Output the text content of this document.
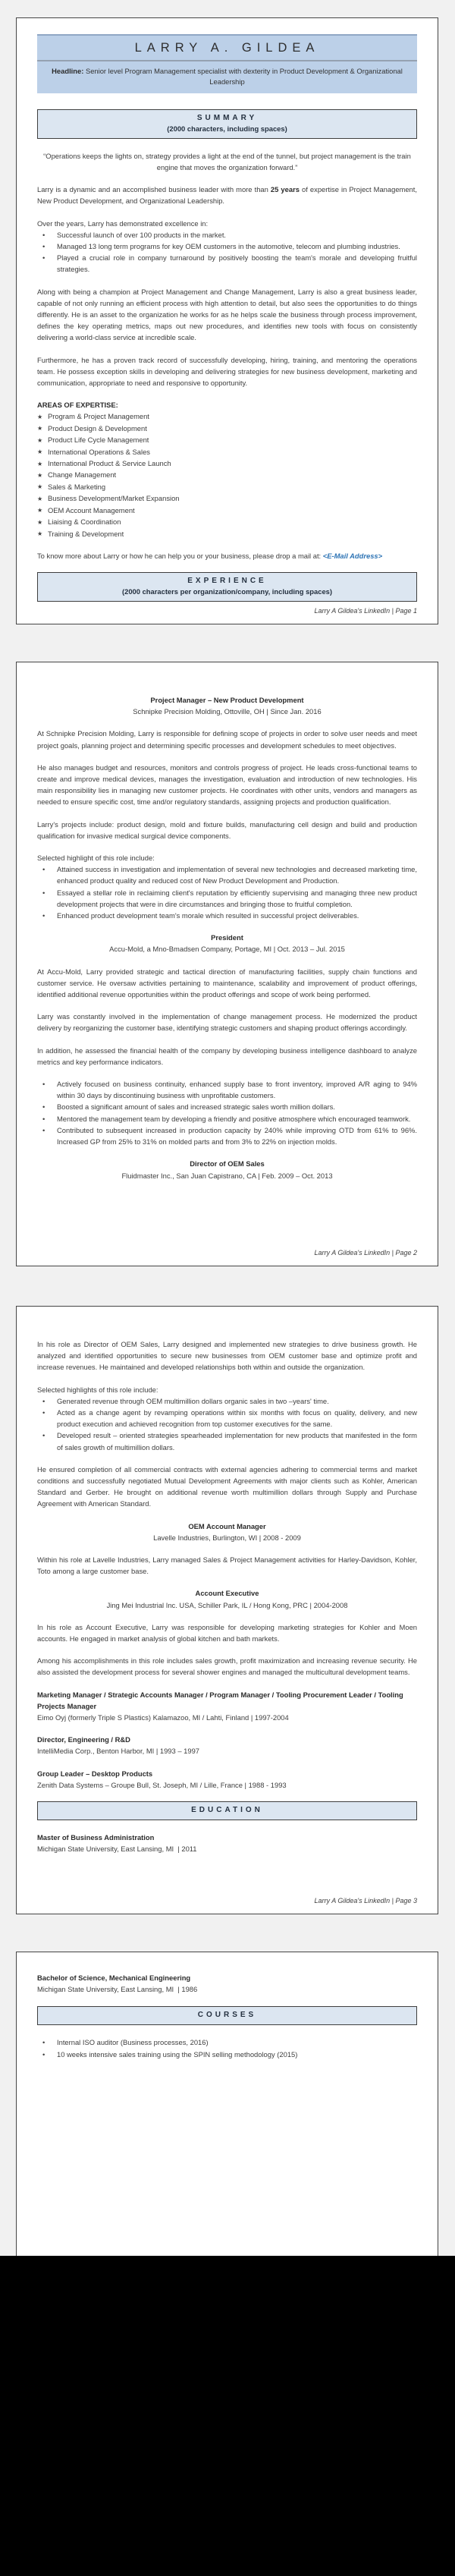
LARRY A. GILDEA
Headline: Senior level Program Management specialist with dexterity in Product Development & Organizational Leadership
SUMMARY
(2000 characters, including spaces)

“Operations keeps the lights on, strategy provides a light at the end of the tunnel, but project management is the train engine that moves the organization forward.”

Larry is a dynamic and an accomplished business leader with more than 25 years of expertise in Project Management, New Product Development, and Organizational Leadership.

Over the years, Larry has demonstrated excellence in:

• Successful launch of over 100 products in the market.
• Managed 13 long term programs for key OEM customers in the automotive, telecom and plumbing industries.
• Played a crucial role in company turnaround by positively boosting the team's morale and developing fruitful strategies.

Along with being a champion at Project Management and Change Management, Larry is also a great business leader, capable of not only running an efficient process with high attention to detail, but also sees the opportunities to do things differently. He is an asset to the organization he works for as he helps scale the business through process improvement, defines the key operating metrics, maps out new procedures, and identifies new tools with focus on consistently delivering a world-class service at incredible scale.

Furthermore, he has a proven track record of successfully developing, hiring, training, and mentoring the operations team. He possess exception skills in developing and delivering strategies for new business development, marketing and communication, appropriate to need and responsive to opportunity.

AREAS OF EXPERTISE:

★ Program & Project Management
★ Product Design & Development
★ Product Life Cycle Management
★ International Operations & Sales
★ International Product & Service Launch
★ Change Management
★ Sales & Marketing
★ Business Development/Market Expansion
★ OEM Account Management
★ Liaising & Coordination
★ Training & Development

To know more about Larry or how he can help you or your business, please drop a mail at: <E-Mail Address>

EXPERIENCE
(2000 characters per organization/company, including spaces)
Larry A Gildea's LinkedIn | Page 1
Project Manager – New Product Development
Schnipke Precision Molding, Ottoville, OH | Since Jan. 2016

At Schnipke Precision Molding, Larry is responsible for defining scope of projects in order to solve user needs and meet project goals, planning project and determining specific processes and development schedules to meet objectives.

He also manages budget and resources, monitors and controls progress of project. He leads cross-functional teams to create and improve medical devices, manages the investigation, evaluation and introduction of new technologies. His main responsibility lies in managing new customer projects. He coordinates with other units, vendors and managers as needed to ensure specific cost, time and/or regulatory standards, assigning projects and production qualification.

Larry's projects include: product design, mold and fixture builds, manufacturing cell design and build and production qualification for invasive medical surgical device components.

Selected highlight of this role include:

• Attained success in investigation and implementation of several new technologies and decreased marketing time, enhanced product quality and reduced cost of New Product Development and Production.
• Essayed a stellar role in reclaiming client's reputation by efficiently supervising and managing three new product development projects that were in dire circumstances and bringing those to fruitful completion.
• Enhanced product development team's morale which resulted in successful project deliverables.
President
Accu-Mold, a Mno-Bmadsen Company, Portage, MI | Oct. 2013 – Jul. 2015

At Accu-Mold, Larry provided strategic and tactical direction of manufacturing facilities, supply chain functions and customer service. He oversaw activities pertaining to maintenance, scalability and improvement of product offerings, identified additional revenue opportunities within the product offerings and scope of work being performed.

Larry was constantly involved in the implementation of change management process. He modernized the product delivery by reorganizing the customer base, identifying strategic customers and shaping product offerings accordingly.

In addition, he assessed the financial health of the company by developing business intelligence dashboard to analyze metrics and key performance indicators.

• Actively focused on business continuity, enhanced supply base to front inventory, improved A/R aging to 94% within 30 days by discontinuing business with unprofitable customers.
• Boosted a significant amount of sales and increased strategic sales worth million dollars.
• Mentored the management team by developing a friendly and positive atmosphere which encouraged teamwork.
• Contributed to subsequent increased in production capacity by 240% while improving OTD from 61% to 96%. Increased GP from 25% to 31% on molded parts and from 3% to 22% on injection molds.
Director of OEM Sales
Fluidmaster Inc., San Juan Capistrano, CA | Feb. 2009 – Oct. 2013
Larry A Gildea's LinkedIn | Page 2

In his role as Director of OEM Sales, Larry designed and implemented new strategies to drive business growth. He analyzed and identified opportunities to secure new businesses from OEM customer base and optimize profit and increase revenues. He maintained and developed relationships both within and outside the organization.

Selected highlights of this role include:

• Generated revenue through OEM multimillion dollars organic sales in two –years' time.
• Acted as a change agent by revamping operations within six months with focus on quality, delivery, and new product execution and achieved recognition from top customer executives for the same.
• Developed result – oriented strategies spearheaded implementation for new products that manifested in the form of sales growth of multimillion dollars.

He ensured completion of all commercial contracts with external agencies adhering to commercial terms and market conditions and successfully negotiated Mutual Development Agreements with major clients such as Kohler, American Standard and Gerber. He brought on additional revenue worth multimillion dollars through Supply and Purchase Agreement with American Standard.

OEM Account Manager
Lavelle Industries, Burlington, WI | 2008 - 2009

Within his role at Lavelle Industries, Larry managed Sales & Project Management activities for Harley-Davidson, Kohler, Toto among a large customer base.

Account Executive
Jing Mei Industrial Inc. USA, Schiller Park, IL / Hong Kong, PRC | 2004-2008

In his role as Account Executive, Larry was responsible for developing marketing strategies for Kohler and Moen accounts. He engaged in market analysis of global kitchen and bath markets.

Among his accomplishments in this role includes sales growth, profit maximization and increasing revenue security. He also assisted the development process for several shower engines and managed the multicultural development teams.

Marketing Manager / Strategic Accounts Manager / Program Manager / Tooling Procurement Leader / Tooling Projects Manager
Eimo Oyj (formerly Triple S Plastics) Kalamazoo, MI / Lahti, Finland | 1997-2004
Director, Engineering / R&D
IntelliMedia Corp., Benton Harbor, MI | 1993 – 1997
Group Leader – Desktop Products
Zenith Data Systems – Groupe Bull, St. Joseph, MI / Lille, France | 1988 - 1993
EDUCATION
Master of Business Administration
Michigan State University, East Lansing, MI  | 2011
Larry A Gildea's LinkedIn | Page 3
Bachelor of Science, Mechanical Engineering
Michigan State University, East Lansing, MI  | 1986
COURSES
• Internal ISO auditor (Business processes, 2016)
• 10 weeks intensive sales training using the SPIN selling methodology (2015)
